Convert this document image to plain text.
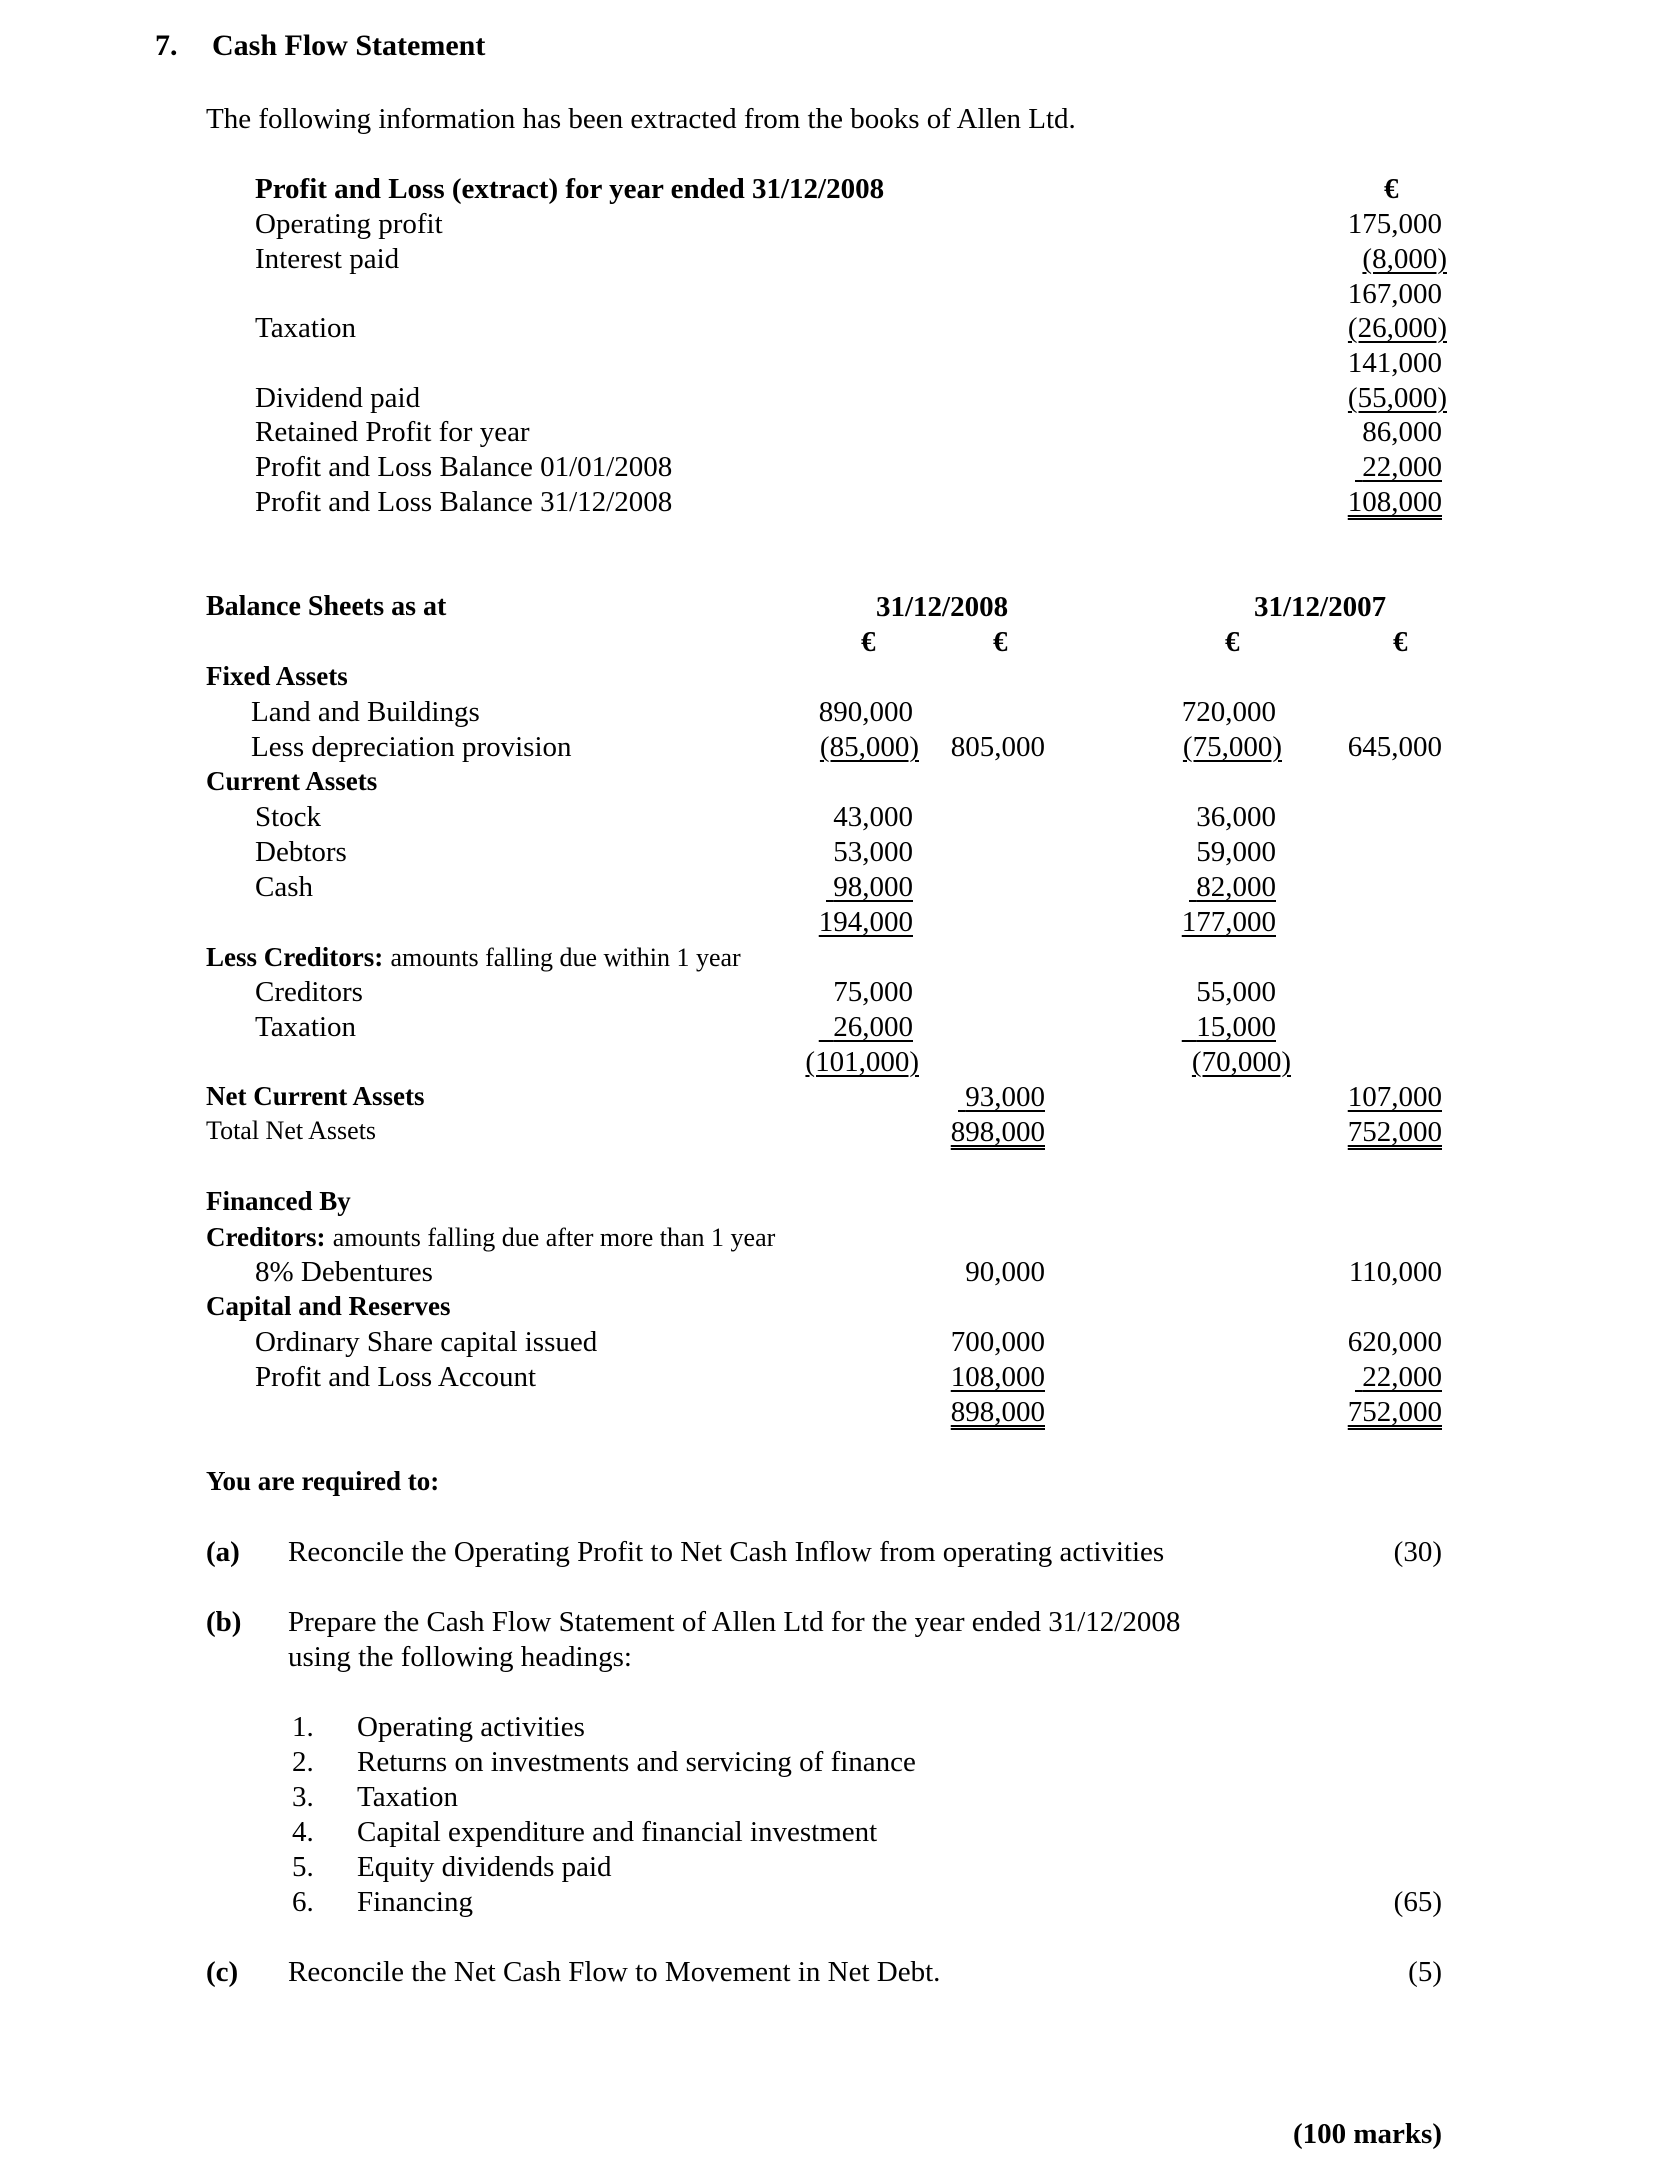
7. Cash Flow Statement
The following information has been extracted from the books of Allen Ltd.
Profit and Loss (extract) for year ended 31/12/2008	€
Operating profit	175,000
Interest paid	(8,000)
167,000
Taxation	(26,000)
141,000
Dividend paid	(55,000)
Retained Profit for year	86,000
Profit and Loss Balance 01/01/2008	22,000
Profit and Loss Balance 31/12/2008	108,000
Balance Sheets as at	31/12/2008	31/12/2007
€	€	€	€
Fixed Assets
Land and Buildings	890,000	720,000
Less depreciation provision	(85,000) 805,000	(75,000) 645,000
Current Assets
Stock	43,000	36,000
Debtors	53,000	59,000
Cash	98,000	82,000
194,000	177,000
Less Creditors: amounts falling due within 1 year
Creditors	75,000	55,000
Taxation	26,000	15,000
(101,000)	(70,000)
Net Current Assets	93,000	107,000
Total Net Assets	898,000	752,000
Financed By
Creditors: amounts falling due after more than 1 year
8% Debentures	90,000	110,000
Capital and Reserves
Ordinary Share capital issued	700,000	620,000
Profit and Loss Account	108,000	22,000
898,000	752,000
You are required to:
(a) Reconcile the Operating Profit to Net Cash Inflow from operating activities	(30)
(b) Prepare the Cash Flow Statement of Allen Ltd for the year ended 31/12/2008
using the following headings:
1. Operating activities
2. Returns on investments and servicing of finance
3. Taxation
4. Capital expenditure and financial investment
5. Equity dividends paid
6. Financing	(65)
(c) Reconcile the Net Cash Flow to Movement in Net Debt.	(5)
(100 marks)
